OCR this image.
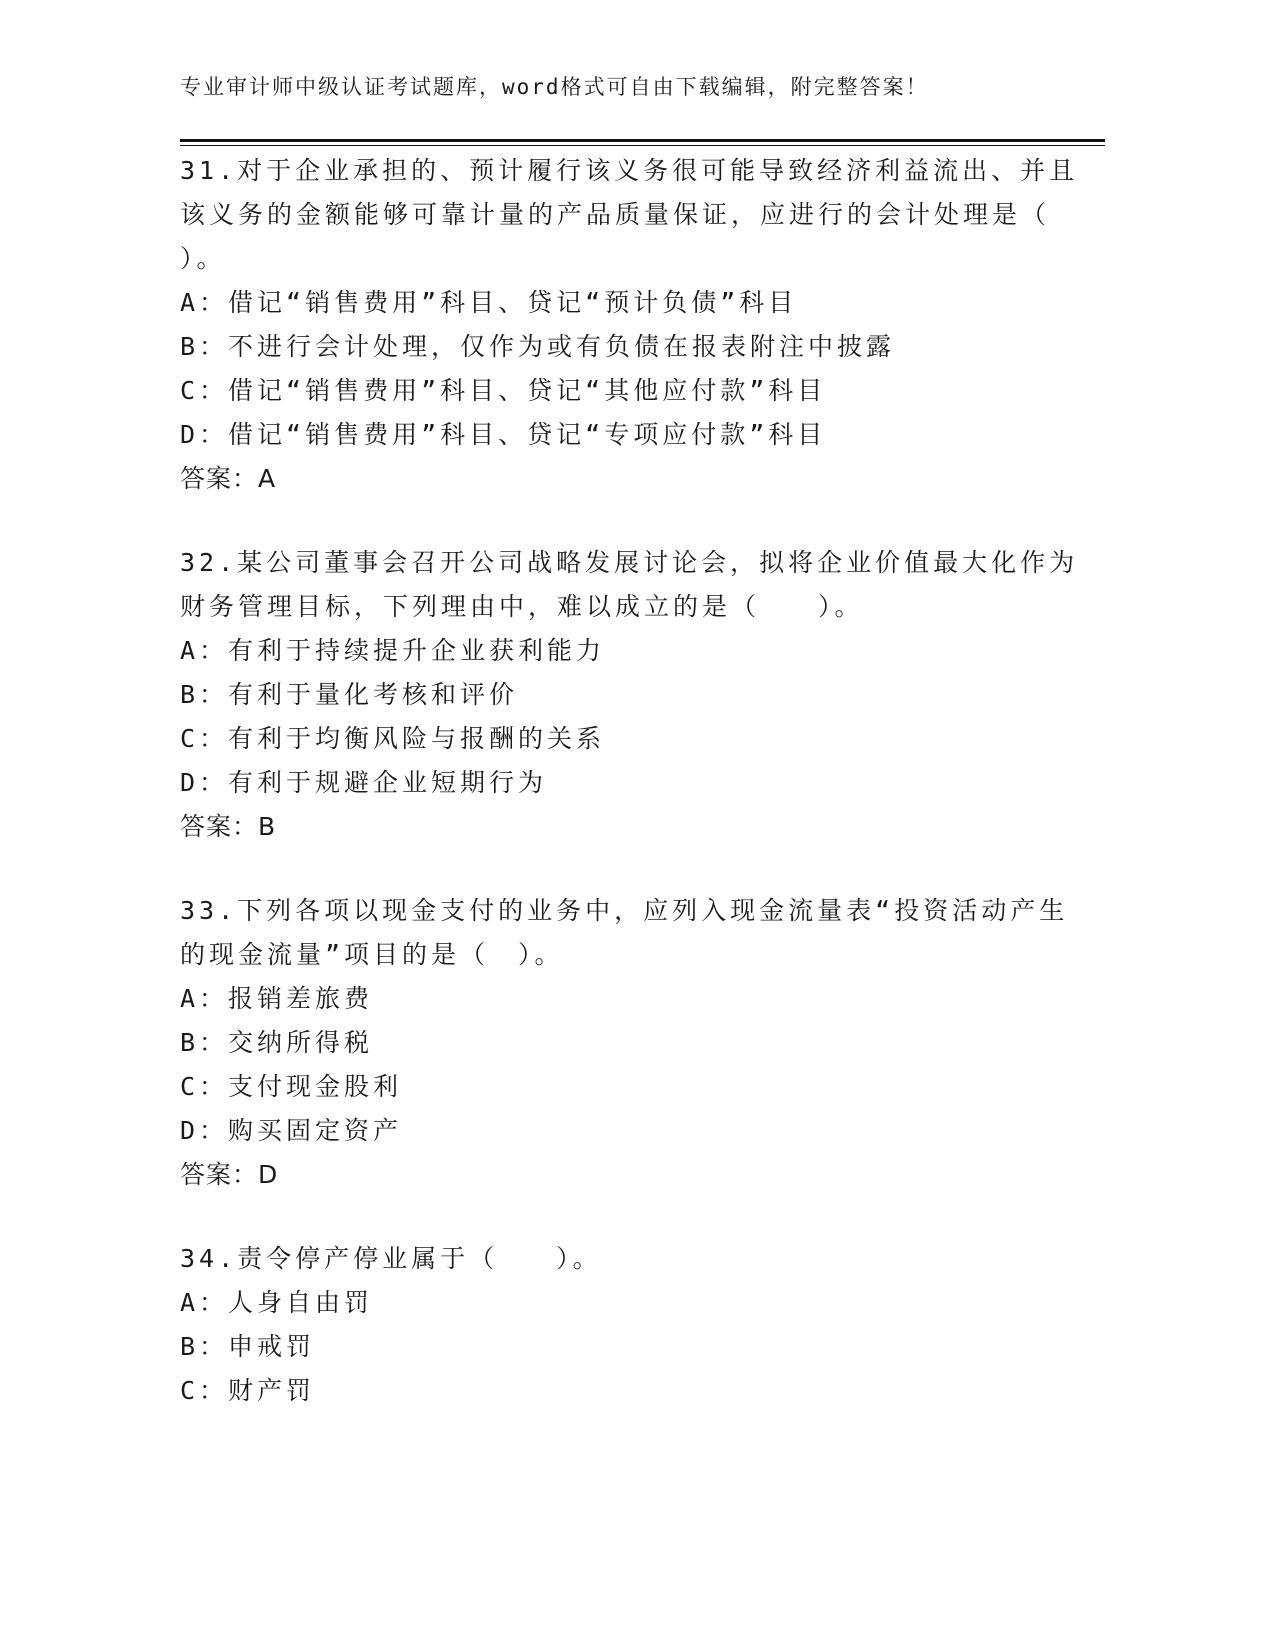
专业审计师中级认证考试题库，word格式可自由下载编辑，附完整答案！
31.对于企业承担的、预计履行该义务很可能导致经济利益流出、并且
该义务的金额能够可靠计量的产品质量保证，应进行的会计处理是（
）。
A：借记“销售费用”科目、贷记“预计负债”科目
B：不进行会计处理，仅作为或有负债在报表附注中披露
C：借记“销售费用”科目、贷记“其他应付款”科目
D：借记“销售费用”科目、贷记“专项应付款”科目
答案：A
32.某公司董事会召开公司战略发展讨论会，拟将企业价值最大化作为
财务管理目标，下列理由中，难以成立的是（　　）。
A：有利于持续提升企业获利能力
B：有利于量化考核和评价
C：有利于均衡风险与报酬的关系
D：有利于规避企业短期行为
答案：B
33.下列各项以现金支付的业务中，应列入现金流量表“投资活动产生
的现金流量”项目的是（　）。
A：报销差旅费
B：交纳所得税
C：支付现金股利
D：购买固定资产
答案：D
34.责令停产停业属于（　　）。
A：人身自由罚
B：申戒罚
C：财产罚
